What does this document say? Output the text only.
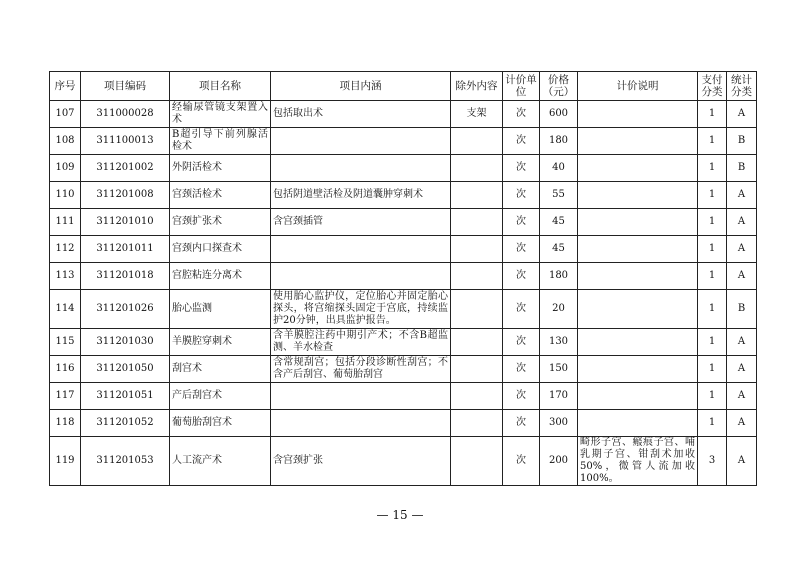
序号	项目编码	项目名称	项目内涵	除外内容	计价单位	价格（元）	计价说明	支付分类	统计分类
107	311000028	经输尿管镜支架置入术	包括取出术	支架	次	600		1	A
108	311100013	B超引导下前列腺活检术			次	180		1	B
109	311201002	外阴活检术			次	40		1	B
110	311201008	宫颈活检术	包括阴道壁活检及阴道囊肿穿刺术		次	55		1	A
111	311201010	宫颈扩张术	含宫颈插管		次	45		1	A
112	311201011	宫颈内口探查术			次	45		1	A
113	311201018	宫腔粘连分离术			次	180		1	A
114	311201026	胎心监测	使用胎心监护仪，定位胎心并固定胎心探头，将宫缩探头固定于宫底，持续监护20分钟，出具监护报告。		次	20		1	B
115	311201030	羊膜腔穿刺术	含羊膜腔注药中期引产术；不含B超监测、羊水检查		次	130		1	A
116	311201050	刮宫术	含常规刮宫；包括分段诊断性刮宫；不含产后刮宫、葡萄胎刮宫		次	150		1	A
117	311201051	产后刮宫术			次	170		1	A
118	311201052	葡萄胎刮宫术			次	300		1	A
119	311201053	人工流产术	含宫颈扩张		次	200	畸形子宫、瘢痕子宫、哺乳期子宫、钳刮术加收50%，微管人流加收100%。	3	A
— 15 —
